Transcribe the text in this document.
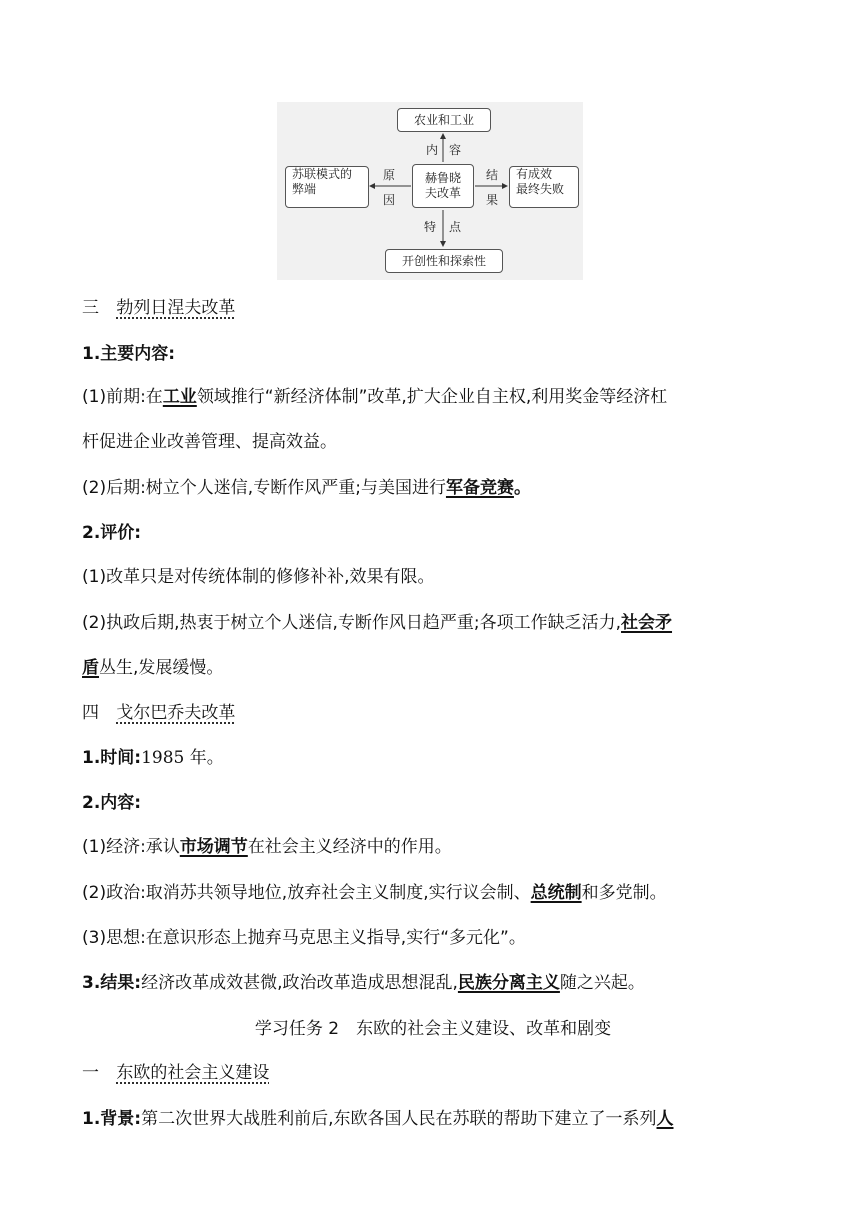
农业和工业
内 容
赫鲁晓
夫改革
苏联模式的
弊端
原
因
有成效
最终失败
结
果
特 点
开创性和探索性
三 勃列日涅夫改革
1.主要内容:
(1)前期:在工业领域推行“新经济体制”改革,扩大企业自主权,利用奖金等经济杠
杆促进企业改善管理、提高效益。
(2)后期:树立个人迷信,专断作风严重;与美国进行军备竞赛。
2.评价:
(1)改革只是对传统体制的修修补补,效果有限。
(2)执政后期,热衷于树立个人迷信,专断作风日趋严重;各项工作缺乏活力,社会矛
盾丛生,发展缓慢。
四 戈尔巴乔夫改革
1.时间:1985 年。
2.内容:
(1)经济:承认市场调节在社会主义经济中的作用。
(2)政治:取消苏共领导地位,放弃社会主义制度,实行议会制、总统制和多党制。
(3)思想:在意识形态上抛弃马克思主义指导,实行“多元化”。
3.结果:经济改革成效甚微,政治改革造成思想混乱,民族分离主义随之兴起。
学习任务 2　东欧的社会主义建设、改革和剧变
一 东欧的社会主义建设
1.背景:第二次世界大战胜利前后,东欧各国人民在苏联的帮助下建立了一系列人
